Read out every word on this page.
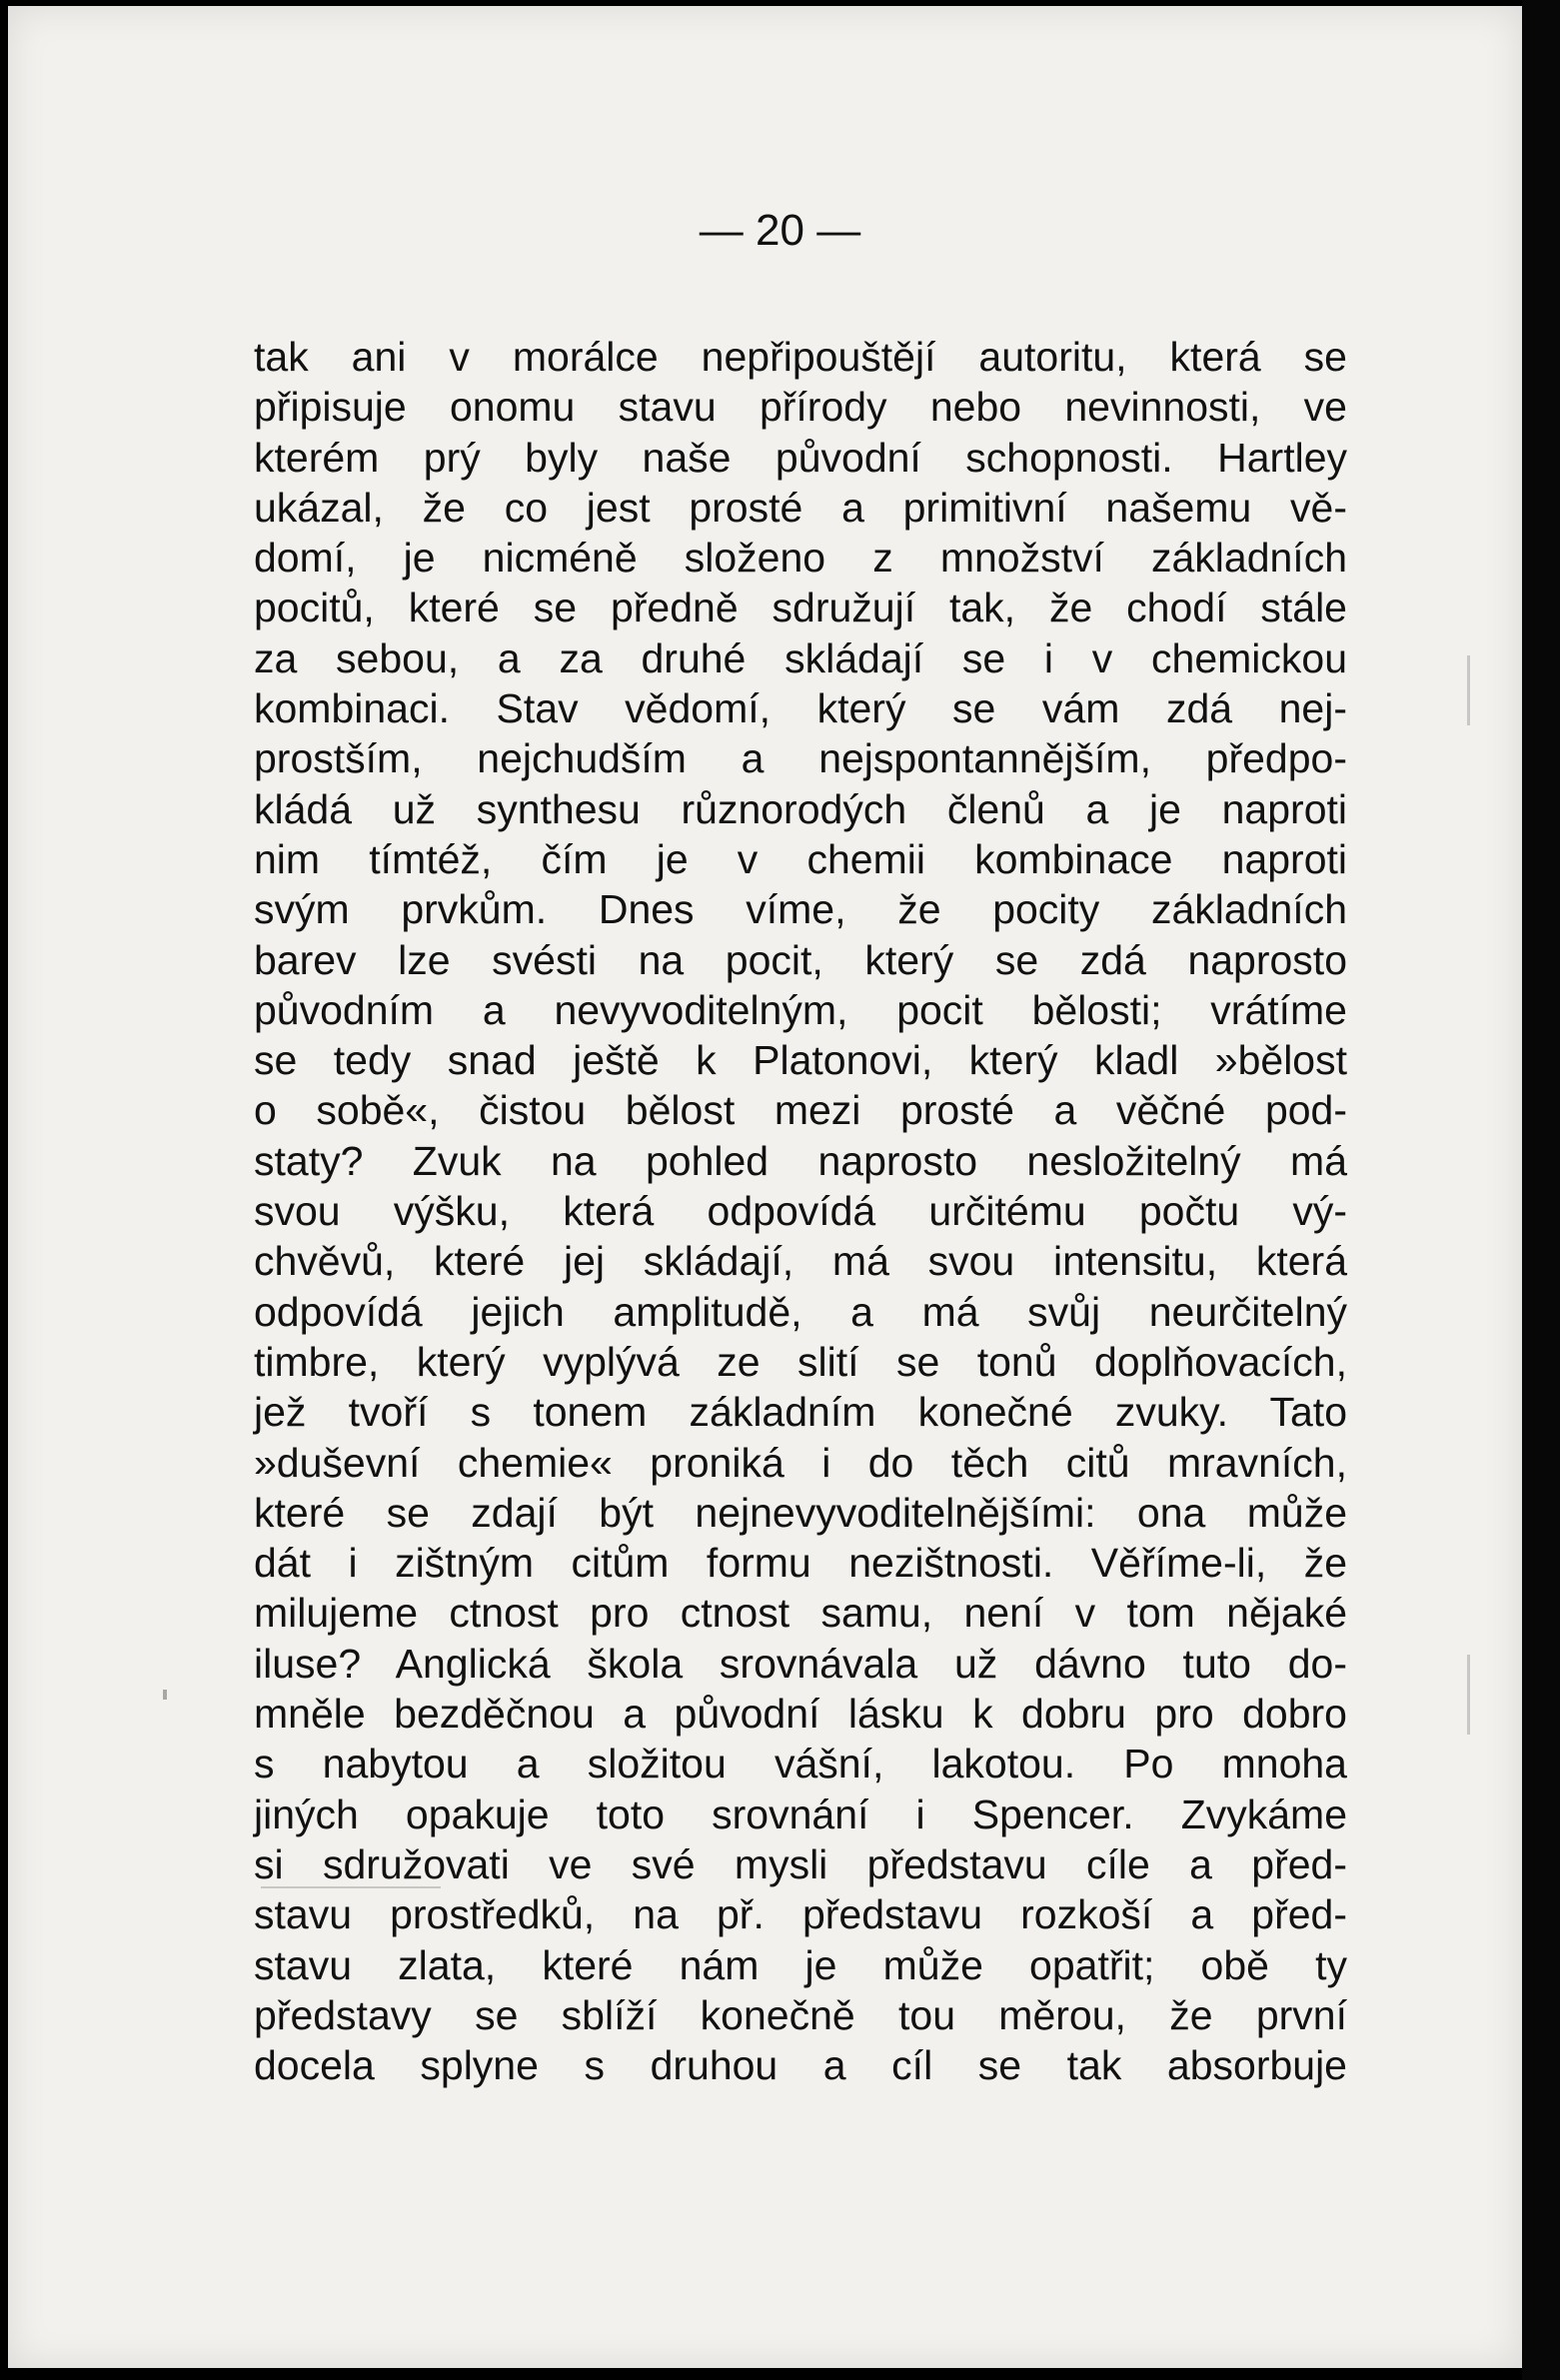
— 20 —
tak ani v morálce nepřipouštějí autoritu, která se
připisuje onomu stavu přírody nebo nevinnosti, ve
kterém prý byly naše původní schopnosti. Hartley
ukázal, že co jest prosté a primitivní našemu vě-
domí, je nicméně složeno z množství základních
pocitů, které se předně sdružují tak, že chodí stále
za sebou, a za druhé skládají se i v chemickou
kombinaci. Stav vědomí, který se vám zdá nej-
prostším, nejchudším a nejspontannějším, předpo-
kládá už synthesu různorodých členů a je naproti
nim tímtéž, čím je v chemii kombinace naproti
svým prvkům. Dnes víme, že pocity základních
barev lze svésti na pocit, který se zdá naprosto
původním a nevyvoditelným, pocit bělosti; vrátíme
se tedy snad ještě k Platonovi, který kladl »bělost
o sobě«, čistou bělost mezi prosté a věčné pod-
staty? Zvuk na pohled naprosto nesložitelný má
svou výšku, která odpovídá určitému počtu vý-
chvěvů, které jej skládají, má svou intensitu, která
odpovídá jejich amplitudě, a má svůj neurčitelný
timbre, který vyplývá ze slití se tonů doplňovacích,
jež tvoří s tonem základním konečné zvuky. Tato
»duševní chemie« proniká i do těch citů mravních,
které se zdají být nejnevyvoditelnějšími: ona může
dát i zištným citům formu nezištnosti. Věříme-li, že
milujeme ctnost pro ctnost samu, není v tom nějaké
iluse? Anglická škola srovnávala už dávno tuto do-
mněle bezděčnou a původní lásku k dobru pro dobro
s nabytou a složitou vášní, lakotou. Po mnoha
jiných opakuje toto srovnání i Spencer. Zvykáme
si sdružovati ve své mysli představu cíle a před-
stavu prostředků, na př. představu rozkoší a před-
stavu zlata, které nám je může opatřit; obě ty
představy se sblíží konečně tou měrou, že první
docela splyne s druhou a cíl se tak absorbuje
